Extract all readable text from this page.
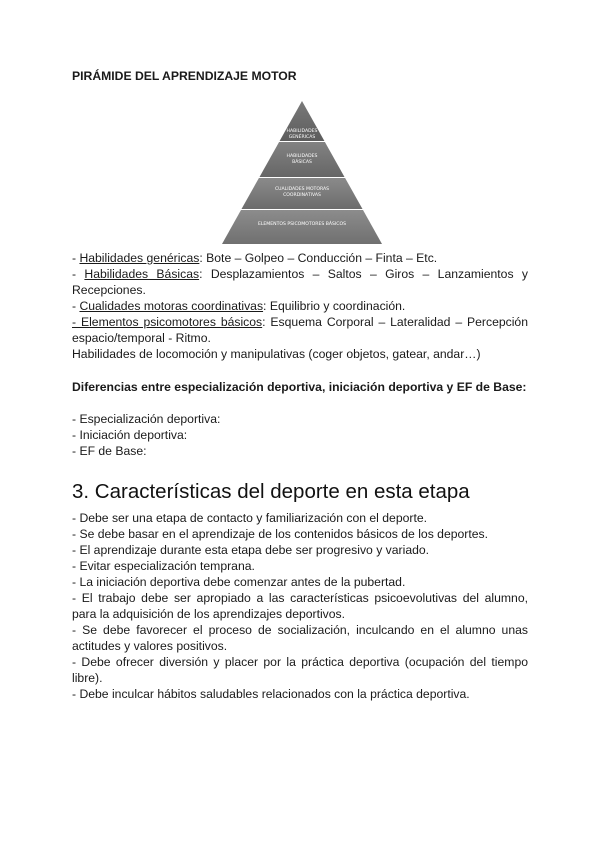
PIRÁMIDE DEL APRENDIZAJE MOTOR
HABILIDADES
GENÉRICAS
HABILIDADES
BÁSICAS
CUALIDADES MOTORAS
COORDINATIVAS
ELEMENTOS PSICOMOTORES BÁSICOS

- Habilidades genéricas: Bote – Golpeo – Conducción – Finta – Etc.

- Habilidades Básicas: Desplazamientos – Saltos – Giros – Lanzamientos y Recepciones.

- Cualidades motoras coordinativas: Equilibrio y coordinación.

- Elementos psicomotores básicos: Esquema Corporal – Lateralidad – Percepción espacio/temporal - Ritmo.

Habilidades de locomoción y manipulativas (coger objetos, gatear, andar…)

Diferencias entre especialización deportiva, iniciación deportiva y EF de Base:

- Especialización deportiva:

- Iniciación deportiva:

- EF de Base:

3. Características del deporte en esta etapa

- Debe ser una etapa de contacto y familiarización con el deporte.

- Se debe basar en el aprendizaje de los contenidos básicos de los deportes.

- El aprendizaje durante esta etapa debe ser progresivo y variado.

- Evitar especialización temprana.

- La iniciación deportiva debe comenzar antes de la pubertad.

- El trabajo debe ser apropiado a las características psicoevolutivas del alumno, para la adquisición de los aprendizajes deportivos.

- Se debe favorecer el proceso de socialización, inculcando en el alumno unas actitudes y valores positivos.

- Debe ofrecer diversión y placer por la práctica deportiva (ocupación del tiempo libre).

- Debe inculcar hábitos saludables relacionados con la práctica deportiva.
